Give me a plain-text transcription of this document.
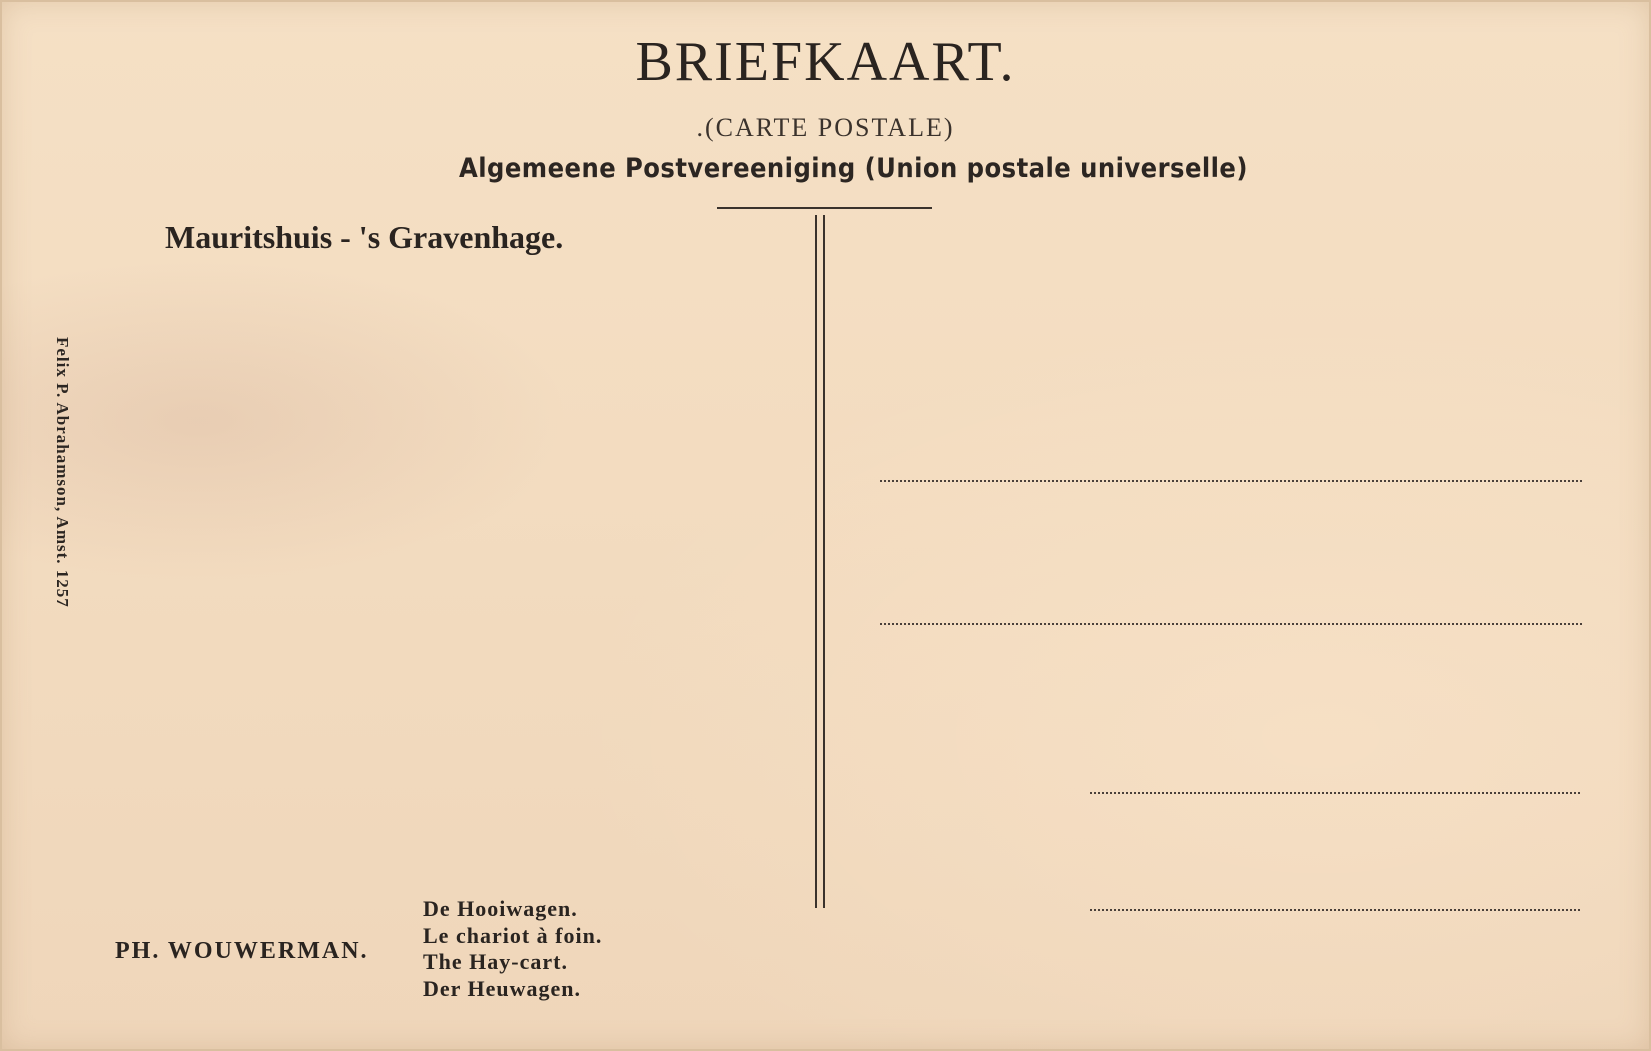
BRIEFKAART.
.(CARTE POSTALE)
Algemeene Postvereeniging (Union postale universelle)
Mauritshuis - 's Gravenhage.
Felix P. Abrahamson, Amst. 1257
PH. WOUWERMAN.
De Hooiwagen.
Le chariot à foin.
The Hay-cart.
Der Heuwagen.
